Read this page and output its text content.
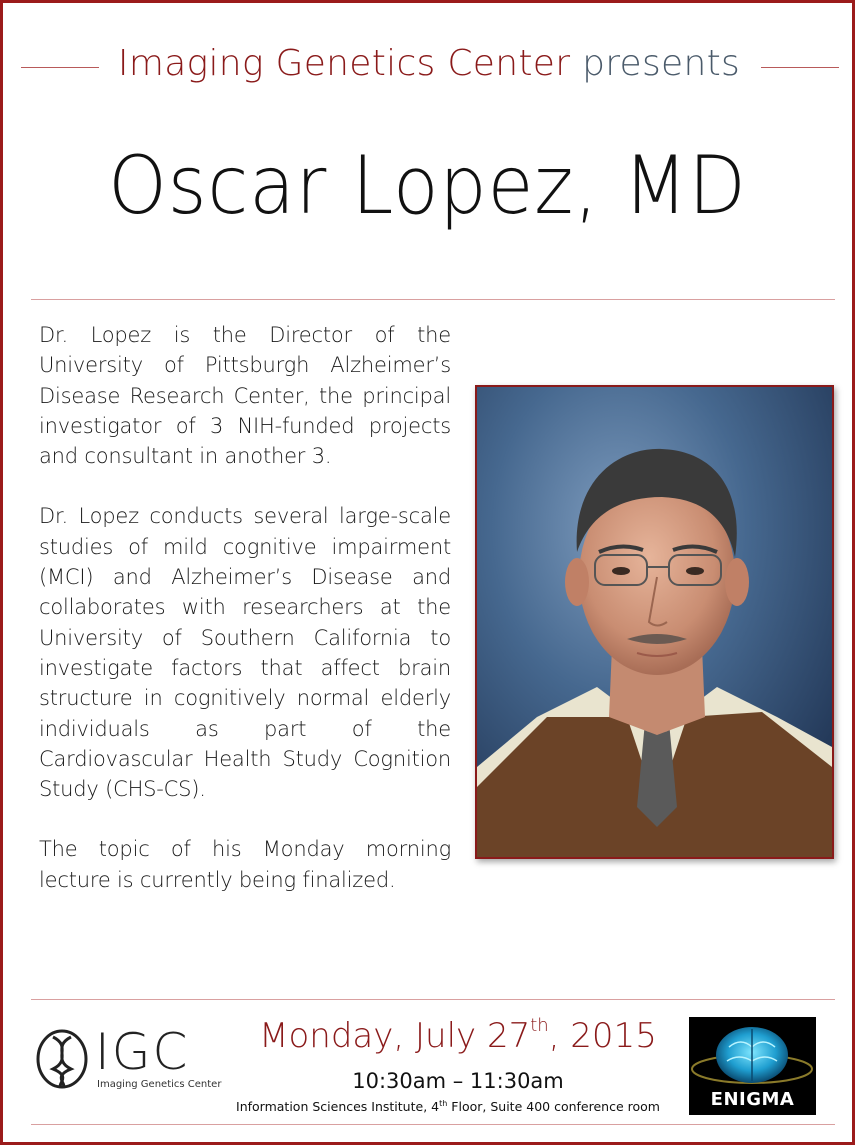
Imaging Genetics Center presents
Oscar Lopez, MD

Dr. Lopez is the Director of the University of Pittsburgh Alzheimer’s Disease Research Center, the principal investigator of 3 NIH-funded projects and consultant in another 3.

Dr. Lopez conducts several large-scale studies of mild cognitive impairment (MCI) and Alzheimer’s Disease and collaborates with researchers at the University of Southern California to investigate factors that affect brain structure in cognitively normal elderly individuals as part of the Cardiovascular Health Study Cognition Study (CHS-CS).

The topic of his Monday morning lecture is currently being finalized.

IGC
Imaging Genetics Center
Monday, July 27th, 2015
10:30am – 11:30am
Information Sciences Institute, 4th Floor, Suite 400 conference room	ENIGMA
